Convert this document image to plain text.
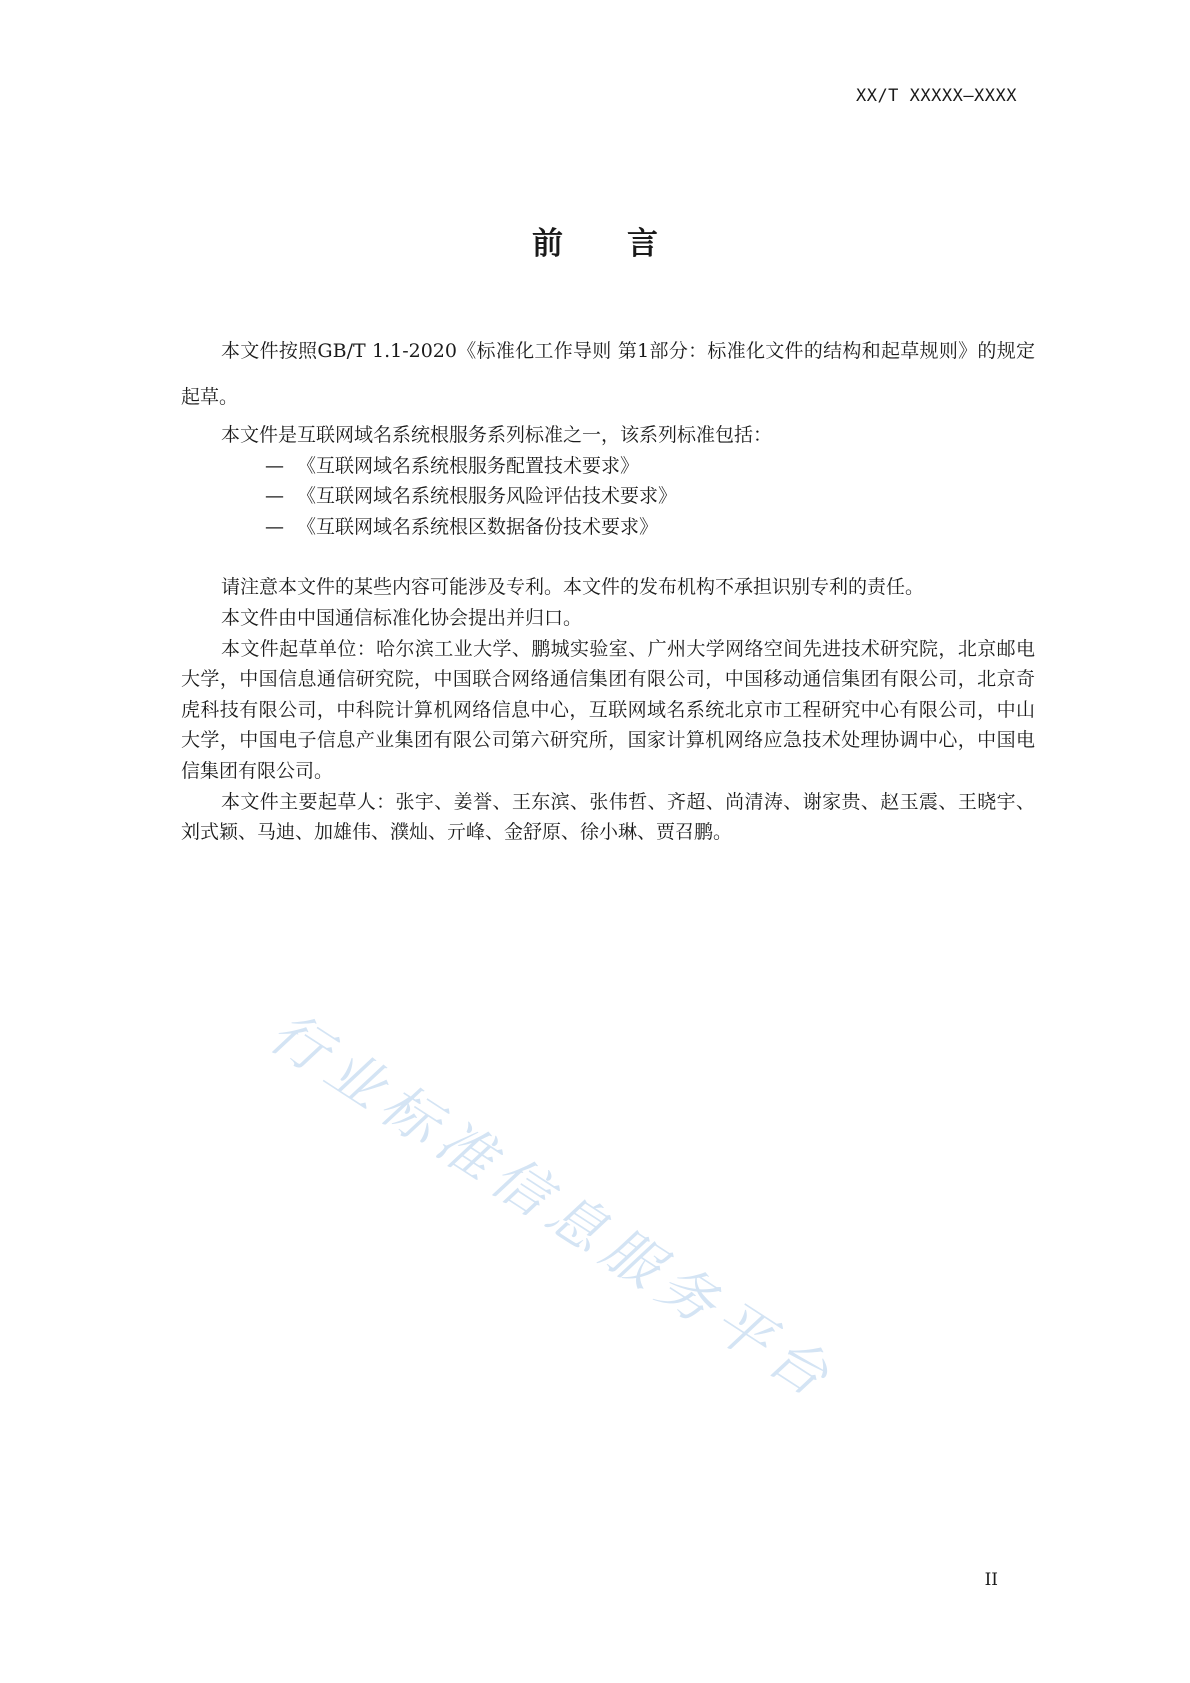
XX/T XXXXX—XXXX
前 言

本文件按照GB/T 1.1-2020《标准化工作导则 第1部分：标准化文件的结构和起草规则》的规定起草。

本文件是互联网域名系统根服务系列标准之一，该系列标准包括：

— 《互联网域名系统根服务配置技术要求》
— 《互联网域名系统根服务风险评估技术要求》
— 《互联网域名系统根区数据备份技术要求》

请注意本文件的某些内容可能涉及专利。本文件的发布机构不承担识别专利的责任。

本文件由中国通信标准化协会提出并归口。

本文件起草单位：哈尔滨工业大学、鹏城实验室、广州大学网络空间先进技术研究院，北京邮电大学，中国信息通信研究院，中国联合网络通信集团有限公司，中国移动通信集团有限公司，北京奇虎科技有限公司，中科院计算机网络信息中心，互联网域名系统北京市工程研究中心有限公司，中山大学，中国电子信息产业集团有限公司第六研究所，国家计算机网络应急技术处理协调中心，中国电信集团有限公司。

本文件主要起草人：张宇、姜誉、王东滨、张伟哲、齐超、尚清涛、谢家贵、赵玉震、王晓宇、刘式颖、马迪、加雄伟、濮灿、亓峰、金舒原、徐小琳、贾召鹏。

行业标准信息服务平台
II
